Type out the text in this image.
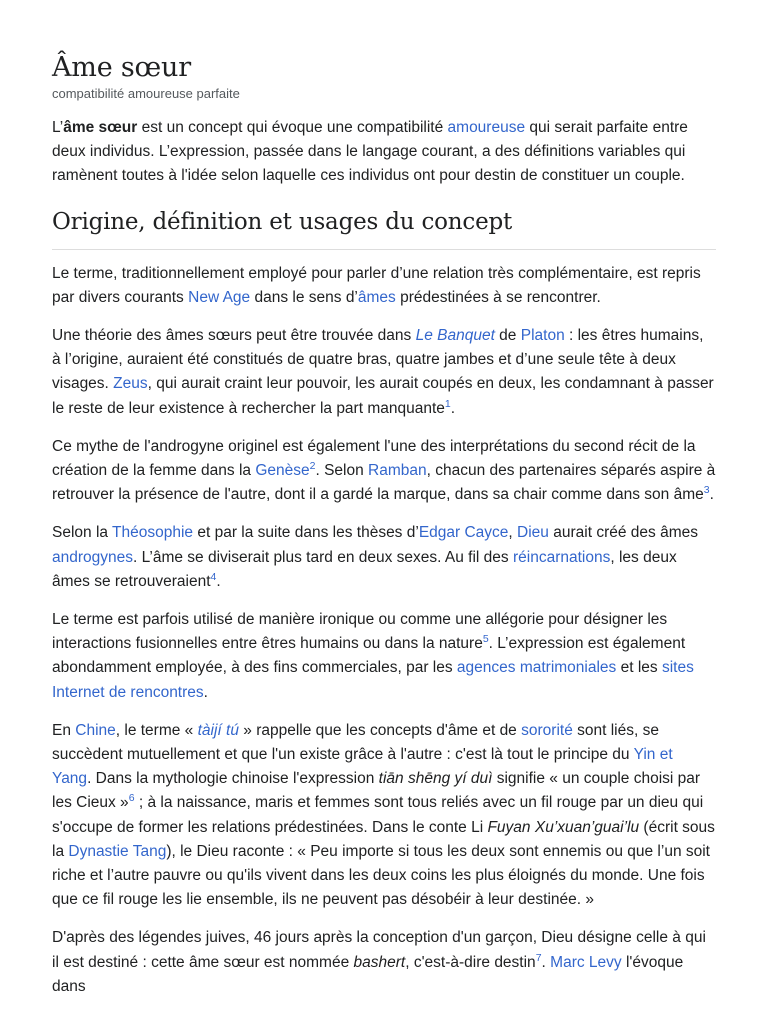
Âme sœur
compatibilité amoureuse parfaite

L’âme sœur est un concept qui évoque une compatibilité amoureuse qui serait parfaite entre deux individus. L’expression, passée dans le langage courant, a des définitions variables qui ramènent toutes à l'idée selon laquelle ces individus ont pour destin de constituer un couple.

Origine, définition et usages du concept

Le terme, traditionnellement employé pour parler d’une relation très complémentaire, est repris par divers courants New Age dans le sens d’âmes prédestinées à se rencontrer.

Une théorie des âmes sœurs peut être trouvée dans Le Banquet de Platon : les êtres humains, à l’origine, auraient été constitués de quatre bras, quatre jambes et d’une seule tête à deux visages. Zeus, qui aurait craint leur pouvoir, les aurait coupés en deux, les condamnant à passer le reste de leur existence à rechercher la part manquante$^1$.

Ce mythe de l'androgyne originel est également l'une des interprétations du second récit de la création de la femme dans la Genèse$^2$. Selon Ramban, chacun des partenaires séparés aspire à retrouver la présence de l'autre, dont il a gardé la marque, dans sa chair comme dans son âme$^3$.

Selon la Théosophie et par la suite dans les thèses d’Edgar Cayce, Dieu aurait créé des âmes androgynes. L’âme se diviserait plus tard en deux sexes. Au fil des réincarnations, les deux âmes se retrouveraient$^4$.

Le terme est parfois utilisé de manière ironique ou comme une allégorie pour désigner les interactions fusionnelles entre êtres humains ou dans la nature$^5$. L’expression est également abondamment employée, à des fins commerciales, par les agences matrimoniales et les sites Internet de rencontres.

En Chine, le terme « tàijí tú » rappelle que les concepts d'âme et de sororité sont liés, se succèdent mutuellement et que l'un existe grâce à l'autre : c'est là tout le principe du Yin et Yang. Dans la mythologie chinoise l'expression tiān shēng yí duì signifie « un couple choisi par les Cieux »$^6$ ; à la naissance, maris et femmes sont tous reliés avec un fil rouge par un dieu qui s'occupe de former les relations prédestinées. Dans le conte Li Fuyan Xu’xuan’guai’lu (écrit sous la Dynastie Tang), le Dieu raconte : « Peu importe si tous les deux sont ennemis ou que l’un soit riche et l’autre pauvre ou qu'ils vivent dans les deux coins les plus éloignés du monde. Une fois que ce fil rouge les lie ensemble, ils ne peuvent pas désobéir à leur destinée. »

D'après des légendes juives, 46 jours après la conception d'un garçon, Dieu désigne celle à qui il est destiné : cette âme sœur est nommée bashert, c'est-à-dire destin$^7$. Marc Levy l'évoque dans
